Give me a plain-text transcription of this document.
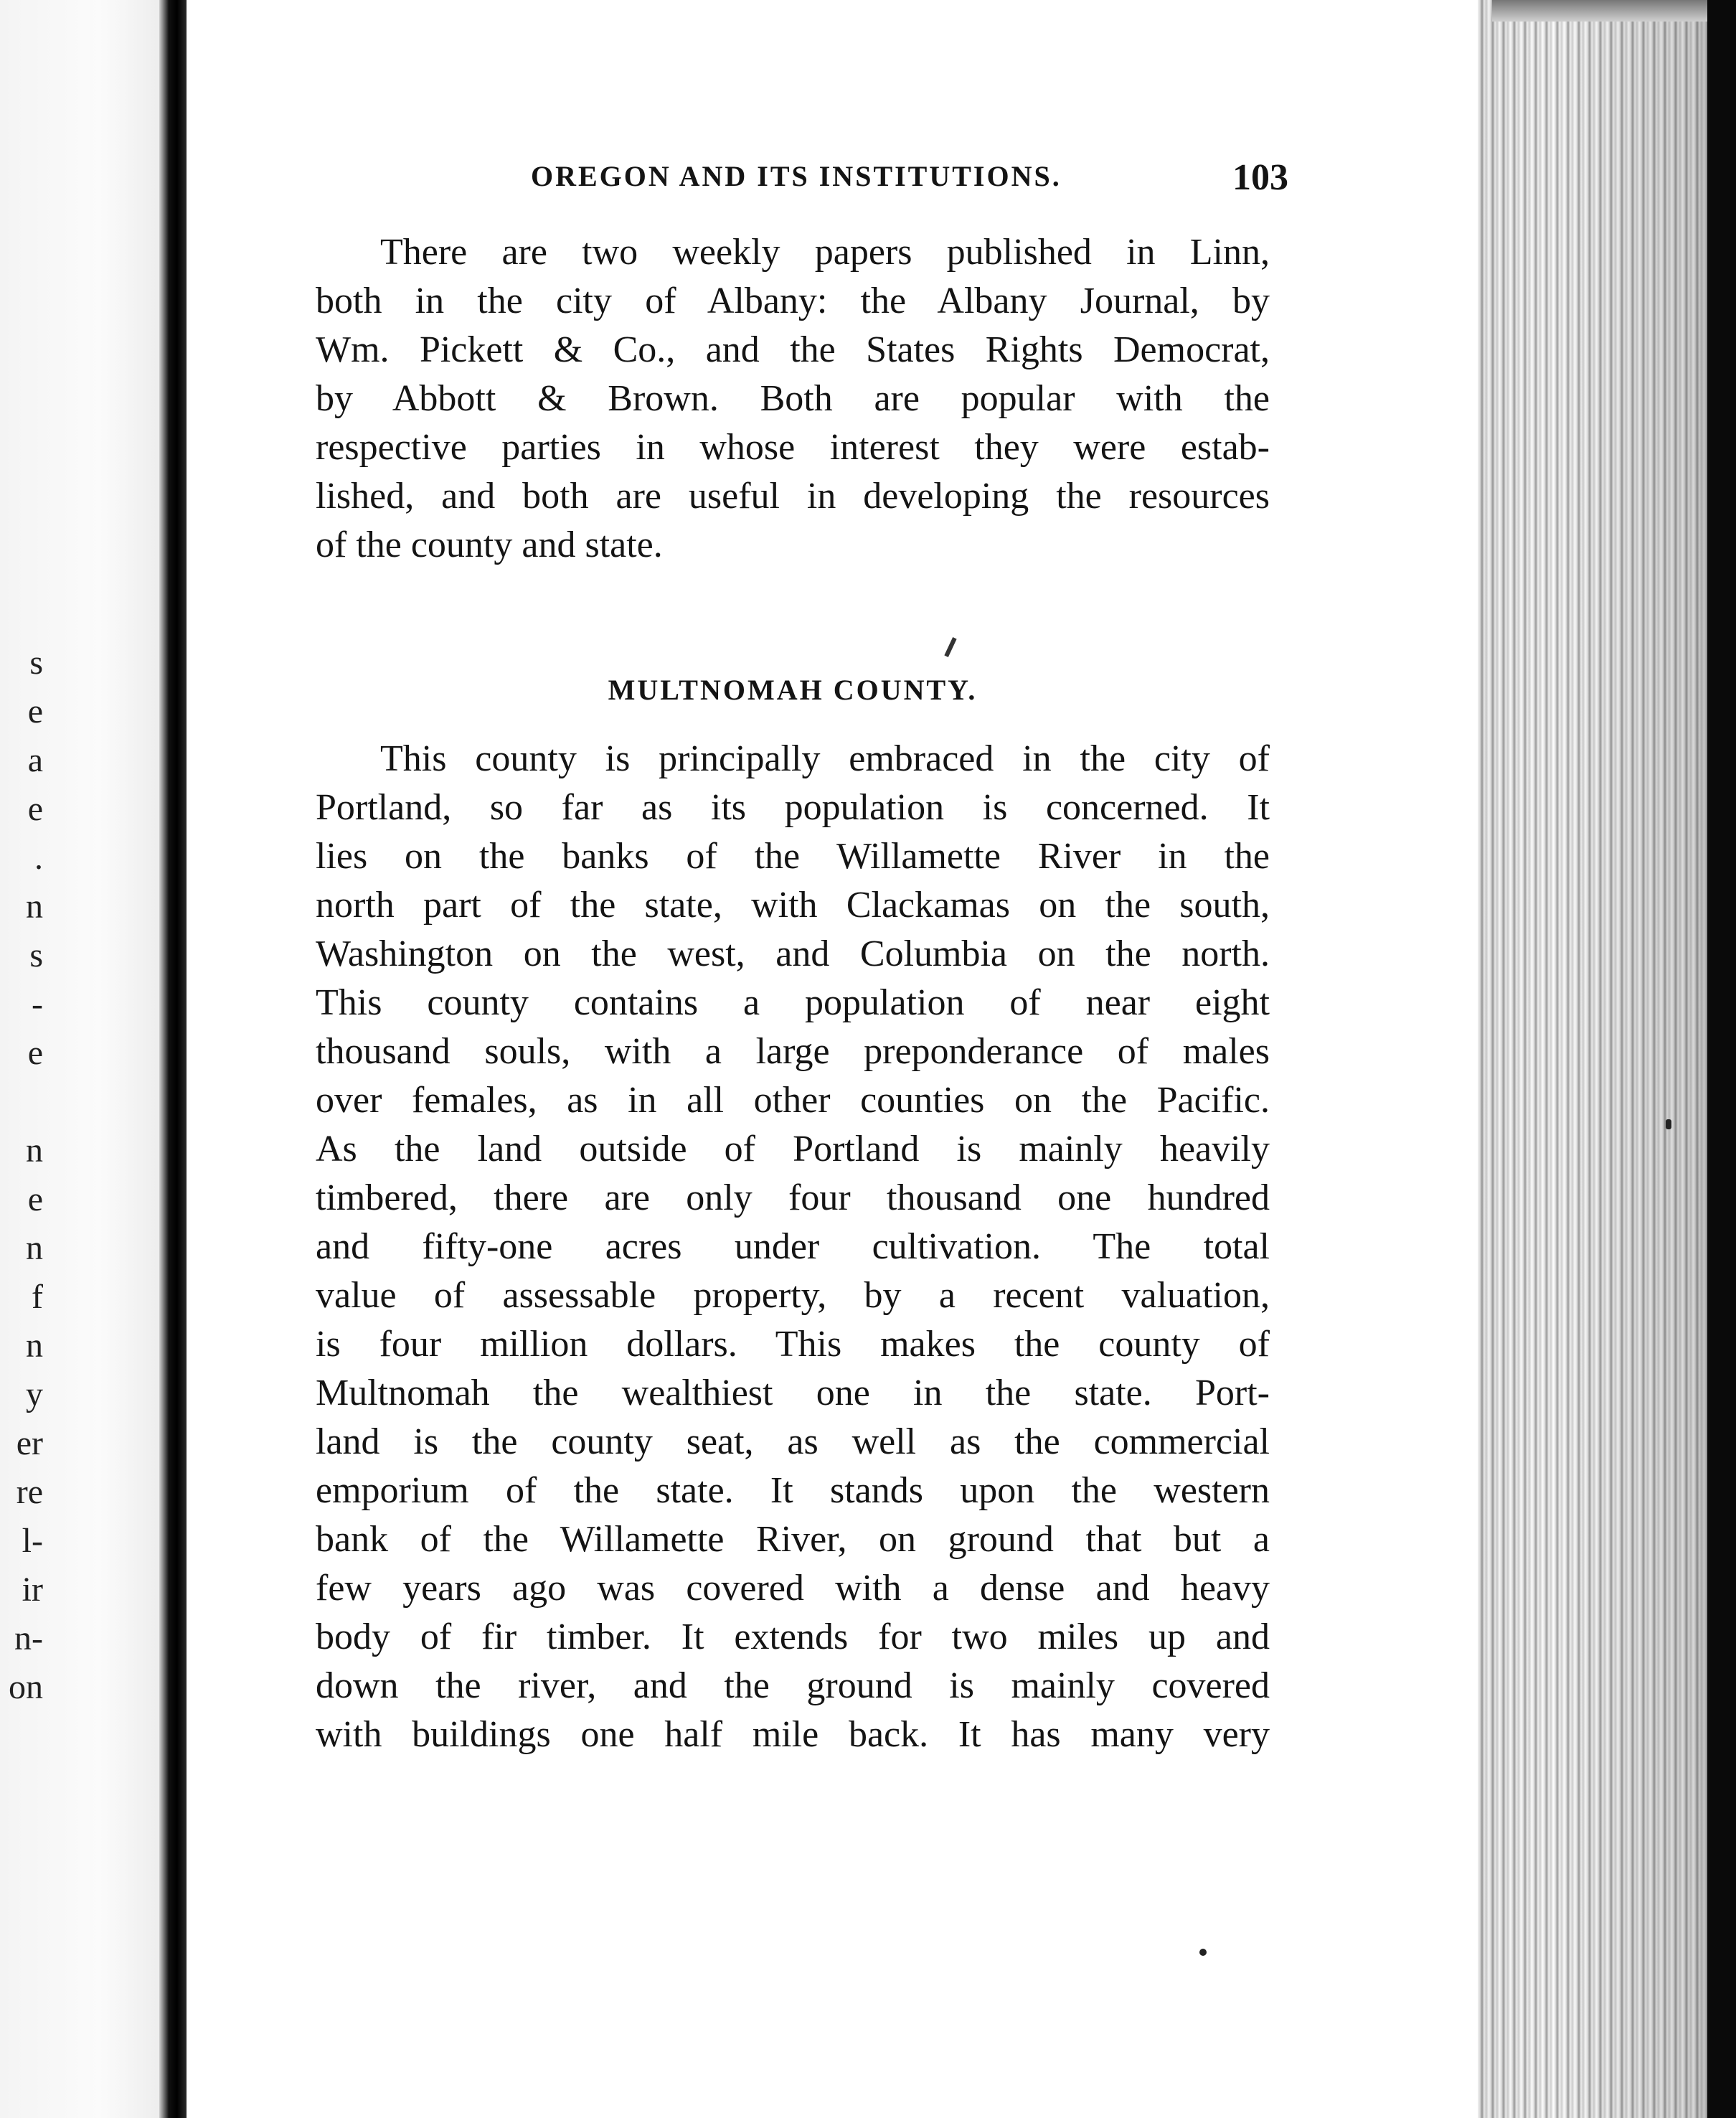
s
e
a
e
.
n
s
-
e
n
e
n
f
n
y
er
re
l-
ir
n-
on
OREGON AND ITS INSTITUTIONS.	103
There are two weekly papers published in Linn,
both in the city of Albany: the Albany Journal, by
Wm. Pickett & Co., and the States Rights Democrat,
by Abbott & Brown. Both are popular with the
respective parties in whose interest they were estab-
lished, and both are useful in developing the resources
of the county and state.
MULTNOMAH COUNTY.
This county is principally embraced in the city of
Portland, so far as its population is concerned. It
lies on the banks of the Willamette River in the
north part of the state, with Clackamas on the south,
Washington on the west, and Columbia on the north.
This county contains a population of near eight
thousand souls, with a large preponderance of males
over females, as in all other counties on the Pacific.
As the land outside of Portland is mainly heavily
timbered, there are only four thousand one hundred
and fifty-one acres under cultivation. The total
value of assessable property, by a recent valuation,
is four million dollars. This makes the county of
Multnomah the wealthiest one in the state. Port-
land is the county seat, as well as the commercial
emporium of the state. It stands upon the western
bank of the Willamette River, on ground that but a
few years ago was covered with a dense and heavy
body of fir timber. It extends for two miles up and
down the river, and the ground is mainly covered
with buildings one half mile back. It has many very
